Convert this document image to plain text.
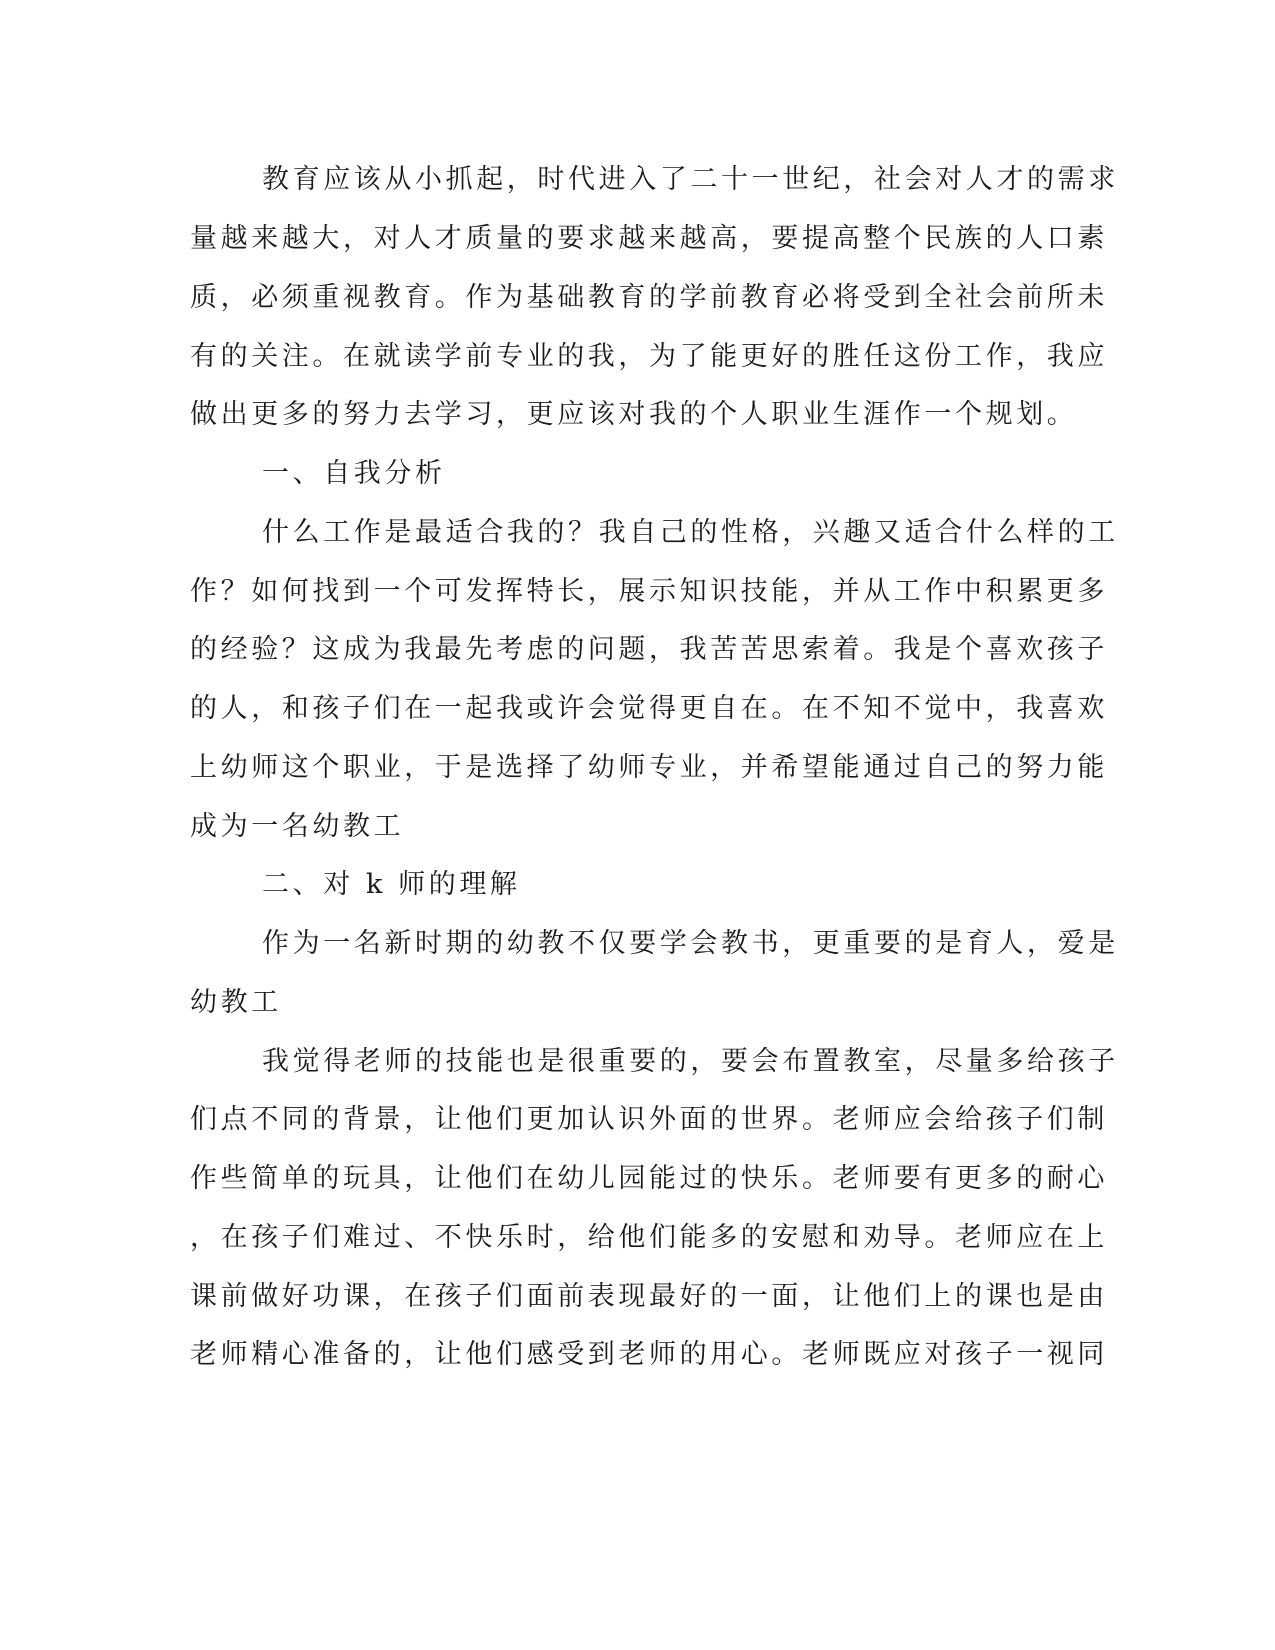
教育应该从小抓起，时代进入了二十一世纪，社会对人才的需求
量越来越大，对人才质量的要求越来越高，要提高整个民族的人口素
质，必须重视教育。作为基础教育的学前教育必将受到全社会前所未
有的关注。在就读学前专业的我，为了能更好的胜任这份工作，我应
做出更多的努力去学习，更应该对我的个人职业生涯作一个规划。
一、自我分析
什么工作是最适合我的？我自己的性格，兴趣又适合什么样的工
作？如何找到一个可发挥特长，展示知识技能，并从工作中积累更多
的经验？这成为我最先考虑的问题，我苦苦思索着。我是个喜欢孩子
的人，和孩子们在一起我或许会觉得更自在。在不知不觉中，我喜欢
上幼师这个职业，于是选择了幼师专业，并希望能通过自己的努力能
成为一名幼教工
二、对 k 师的理解
作为一名新时期的幼教不仅要学会教书，更重要的是育人，爱是
幼教工
我觉得老师的技能也是很重要的，要会布置教室，尽量多给孩子
们点不同的背景，让他们更加认识外面的世界。老师应会给孩子们制
作些简单的玩具，让他们在幼儿园能过的快乐。老师要有更多的耐心
，在孩子们难过、不快乐时，给他们能多的安慰和劝导。老师应在上
课前做好功课，在孩子们面前表现最好的一面，让他们上的课也是由
老师精心准备的，让他们感受到老师的用心。老师既应对孩子一视同
